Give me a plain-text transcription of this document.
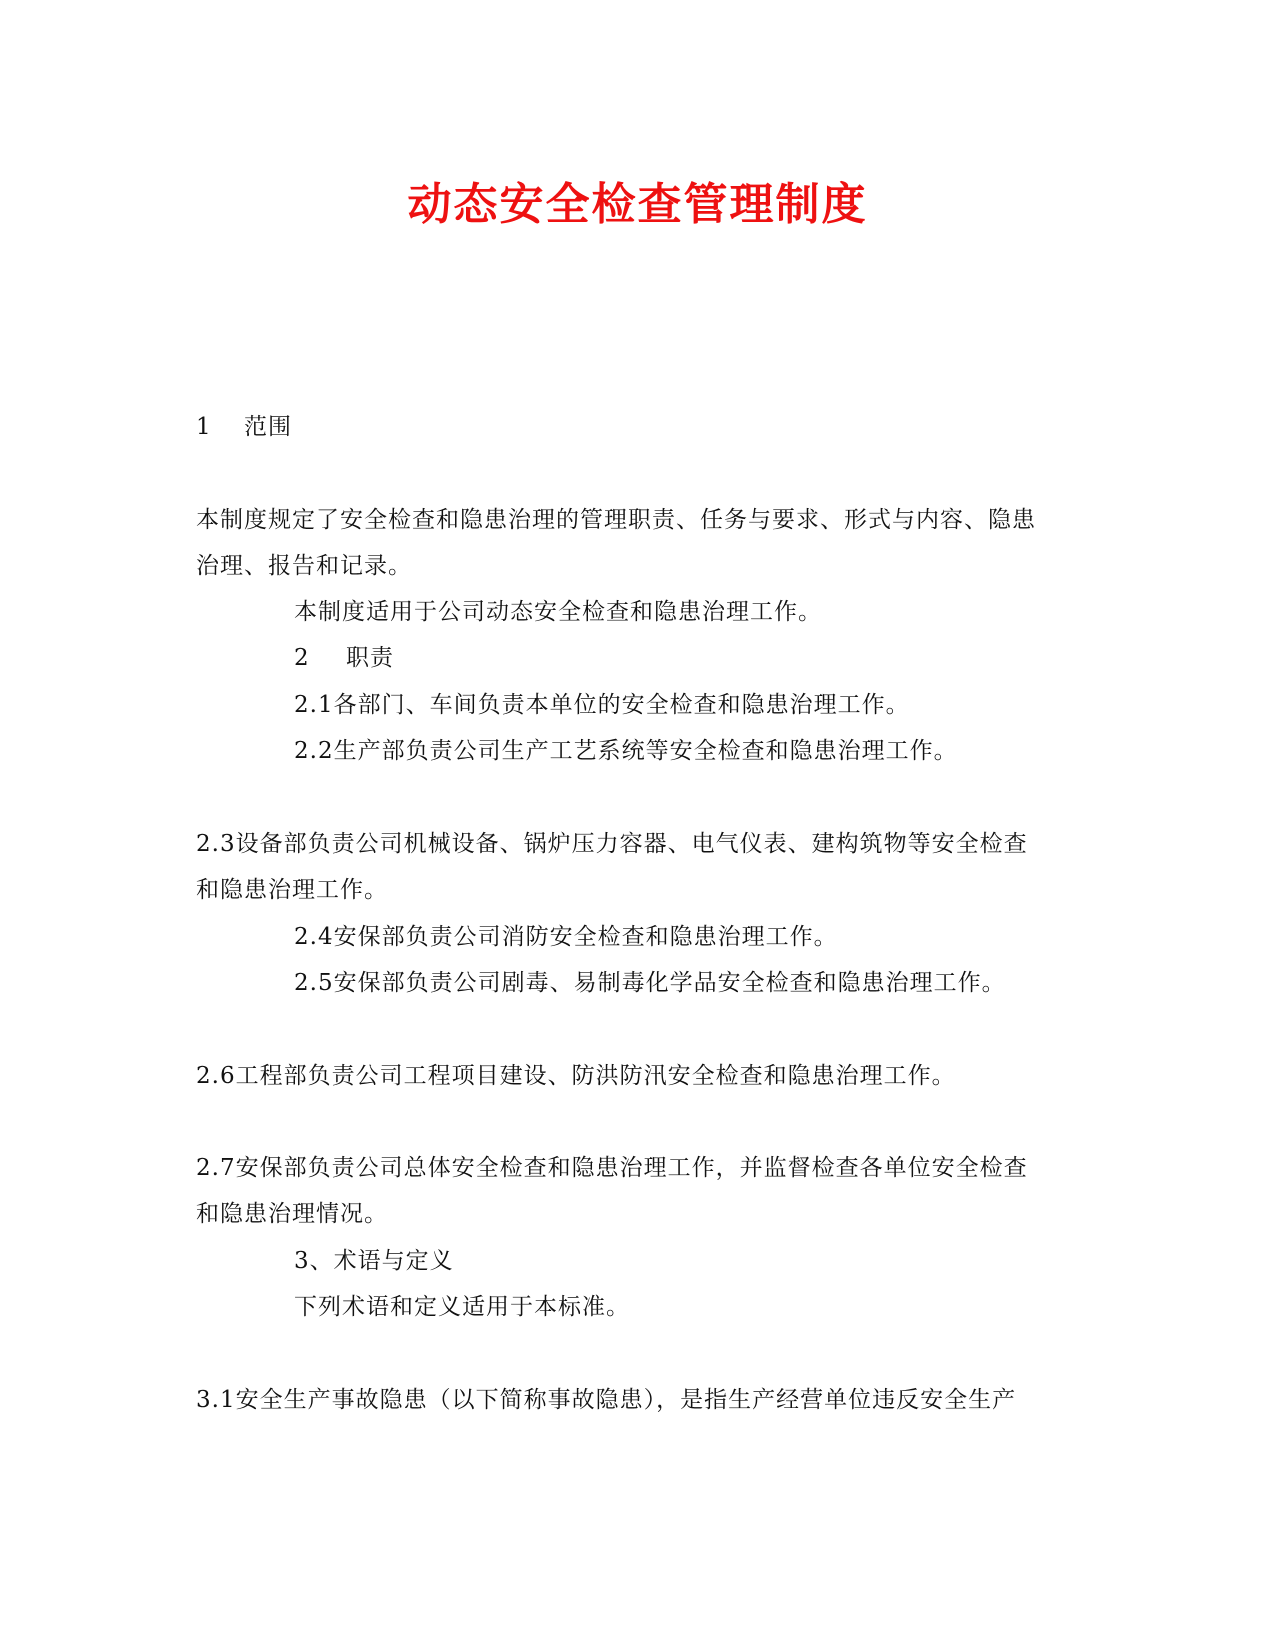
动态安全检查管理制度
1 范围
本制度规定了安全检查和隐患治理的管理职责、任务与要求、形式与内容、隐患
治理、报告和记录。
本制度适用于公司动态安全检查和隐患治理工作。
2 职责
2.1各部门、车间负责本单位的安全检查和隐患治理工作。
2.2生产部负责公司生产工艺系统等安全检查和隐患治理工作。
2.3设备部负责公司机械设备、锅炉压力容器、电气仪表、建构筑物等安全检查
和隐患治理工作。
2.4安保部负责公司消防安全检查和隐患治理工作。
2.5安保部负责公司剧毒、易制毒化学品安全检查和隐患治理工作。
2.6工程部负责公司工程项目建设、防洪防汛安全检查和隐患治理工作。
2.7安保部负责公司总体安全检查和隐患治理工作，并监督检查各单位安全检查
和隐患治理情况。
3、术语与定义
下列术语和定义适用于本标准。
3.1安全生产事故隐患（以下简称事故隐患），是指生产经营单位违反安全生产
